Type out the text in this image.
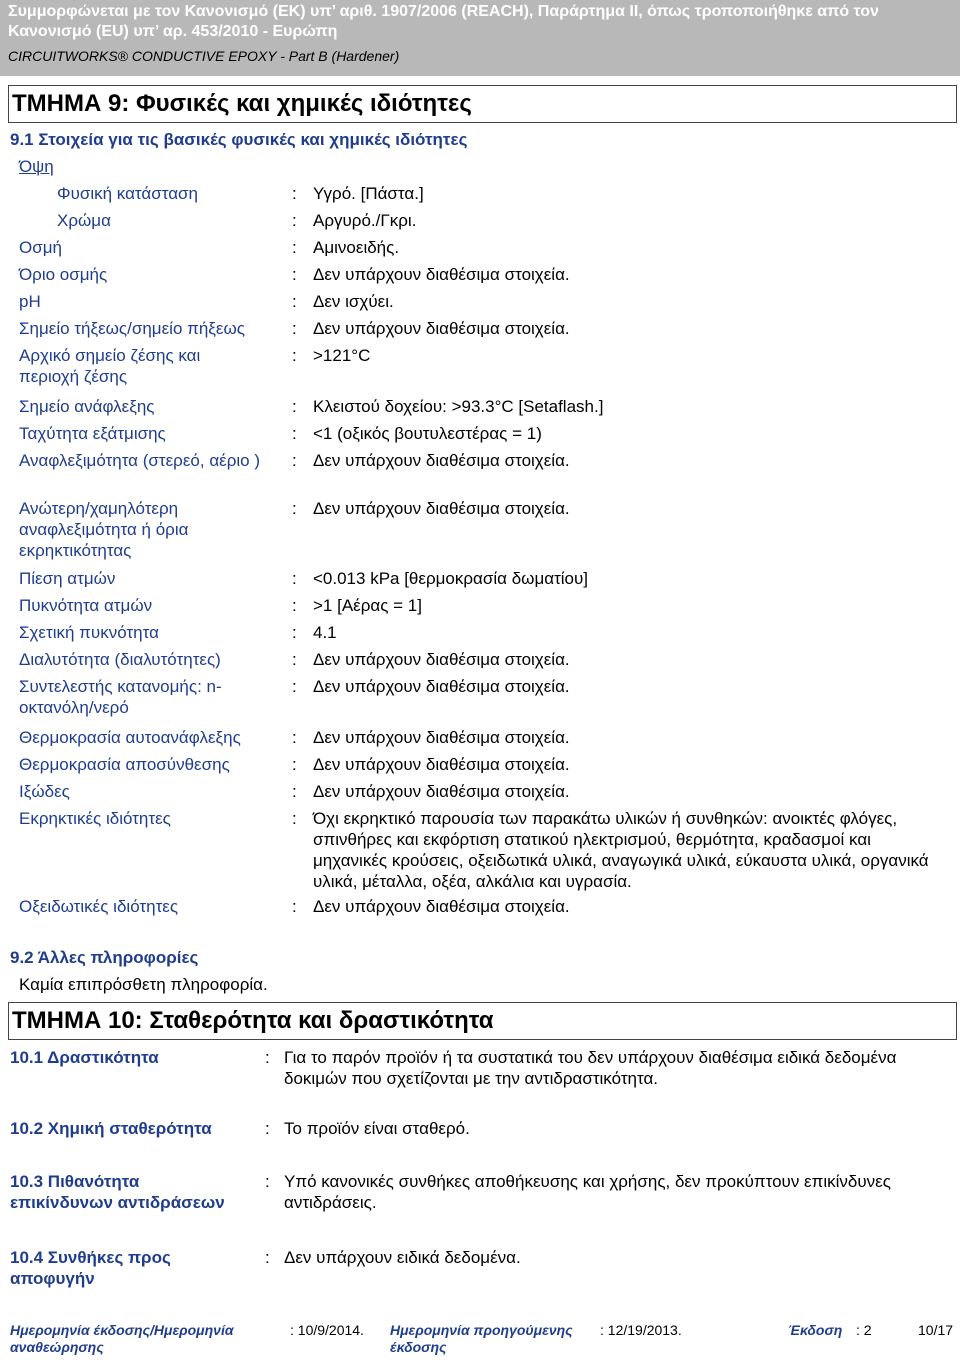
Συμμορφώνεται με τον Κανονισμό (ΕΚ) υπ’ αριθ. 1907/2006 (REACH), Παράρτημα II, όπως τροποποιήθηκε από τον Κανονισμό (EU) υπ’ αρ. 453/2010 - Ευρώπη
CIRCUITWORKS® CONDUCTIVE EPOXY - Part B (Hardener)
ΤΜΗΜΑ 9: Φυσικές και χημικές ιδιότητες
9.1 Στοιχεία για τις βασικές φυσικές και χημικές ιδιότητες
Όψη
Φυσική κατάσταση	: Υγρό. [Πάστα.]
Χρώμα	: Αργυρό./Γκρι.
Οσμή	: Αμινοειδής.
Όριο οσμής	: Δεν υπάρχουν διαθέσιμα στοιχεία.
pH	: Δεν ισχύει.
Σημείο τήξεως/σημείο πήξεως	: Δεν υπάρχουν διαθέσιμα στοιχεία.
Αρχικό σημείο ζέσης και περιοχή ζέσης
: >121°C
Σημείο ανάφλεξης	: Κλειστού δοχείου: >93.3°C [Setaflash.]
Ταχύτητα εξάτμισης	: <1 (οξικός βουτυλεστέρας = 1)
Αναφλεξιμότητα (στερεό, αέριο )	: Δεν υπάρχουν διαθέσιμα στοιχεία.
Ανώτερη/χαμηλότερη αναφλεξιμότητα ή όρια εκρηκτικότητας
: Δεν υπάρχουν διαθέσιμα στοιχεία.
Πίεση ατμών	: <0.013 kPa [θερμοκρασία δωματίου]
Πυκνότητα ατμών	: >1 [Αέρας = 1]
Σχετική πυκνότητα	: 4.1
Διαλυτότητα (διαλυτότητες)	: Δεν υπάρχουν διαθέσιμα στοιχεία.
Συντελεστής κατανομής: n-οκτανόλη/νερό
: Δεν υπάρχουν διαθέσιμα στοιχεία.
Θερμοκρασία αυτοανάφλεξης	: Δεν υπάρχουν διαθέσιμα στοιχεία.
Θερμοκρασία αποσύνθεσης	: Δεν υπάρχουν διαθέσιμα στοιχεία.
Ιξώδες	: Δεν υπάρχουν διαθέσιμα στοιχεία.
Εκρηκτικές ιδιότητες	: Όχι εκρηκτικό παρουσία των παρακάτω υλικών ή συνθηκών: ανοικτές φλόγες, σπινθήρες και εκφόρτιση στατικού ηλεκτρισμού, θερμότητα, κραδασμοί και μηχανικές κρούσεις, οξειδωτικά υλικά, αναγωγικά υλικά, εύκαυστα υλικά, οργανικά υλικά, μέταλλα, οξέα, αλκάλια και υγρασία.
Οξειδωτικές ιδιότητες	: Δεν υπάρχουν διαθέσιμα στοιχεία.
9.2 Άλλες πληροφορίες
Καμία επιπρόσθετη πληροφορία.
ΤΜΗΜΑ 10: Σταθερότητα και δραστικότητα
10.1 Δραστικότητα	: Για το παρόν προϊόν ή τα συστατικά του δεν υπάρχουν διαθέσιμα ειδικά δεδομένα δοκιμών που σχετίζονται με την αντιδραστικότητα.
10.2 Χημική σταθερότητα	: Το προϊόν είναι σταθερό.
10.3 Πιθανότητα επικίνδυνων αντιδράσεων
: Υπό κανονικές συνθήκες αποθήκευσης και χρήσης, δεν προκύπτουν επικίνδυνες αντιδράσεις.
10.4 Συνθήκες προς αποφυγήν
: Δεν υπάρχουν ειδικά δεδομένα.
Ημερομηνία έκδοσης/Ημερομηνία αναθεώρησης
: 10/9/2014. Ημερομηνία προηγούμενης έκδοσης
: 12/19/2013.	Έκδοση : 2	10/17
